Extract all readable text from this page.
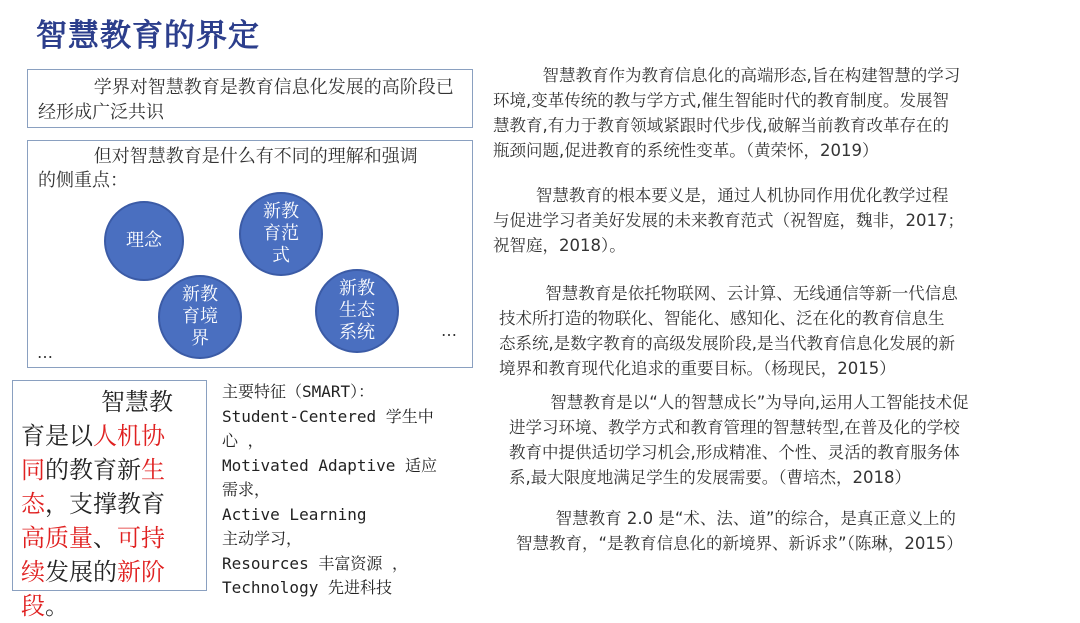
智慧教育的界定
学界对智慧教育是教育信息化发展的高阶段已经形成广泛共识
但对智慧教育是什么有不同的理解和强调
的侧重点：
理念
新教
育范
式
新教
育境
界
新教
生态
系统	…
…
智慧教
育是以人机协
同的教育新生
态，支撑教育
高质量、可持
续发展的新阶
段。
主要特征（SMART）：
Student-Centered 学生中
心 ，
Motivated Adaptive 适应
需求，
Active Learning
主动学习，
Resources 丰富资源 ，
Technology 先进科技
智慧教育作为教育信息化的高端形态,旨在构建智慧的学习
环境,变革传统的教与学方式,催生智能时代的教育制度。发展智
慧教育,有力于教育领域紧跟时代步伐,破解当前教育改革存在的
瓶颈问题,促进教育的系统性变革。（黄荣怀，2019）
智慧教育的根本要义是，通过人机协同作用优化教学过程
与促进学习者美好发展的未来教育范式（祝智庭，魏非，2017；
祝智庭，2018）。
智慧教育是依托物联网、云计算、无线通信等新一代信息
技术所打造的物联化、智能化、感知化、泛在化的教育信息生
态系统,是数字教育的高级发展阶段,是当代教育信息化发展的新
境界和教育现代化追求的重要目标。（杨现民，2015）
智慧教育是以“人的智慧成长”为导向,运用人工智能技术促
进学习环境、教学方式和教育管理的智慧转型,在普及化的学校
教育中提供适切学习机会,形成精准、个性、灵活的教育服务体
系,最大限度地满足学生的发展需要。（曹培杰，2018）
智慧教育 2.0 是“术、法、道”的综合，是真正意义上的
智慧教育，“是教育信息化的新境界、新诉求”（陈琳，2015）
